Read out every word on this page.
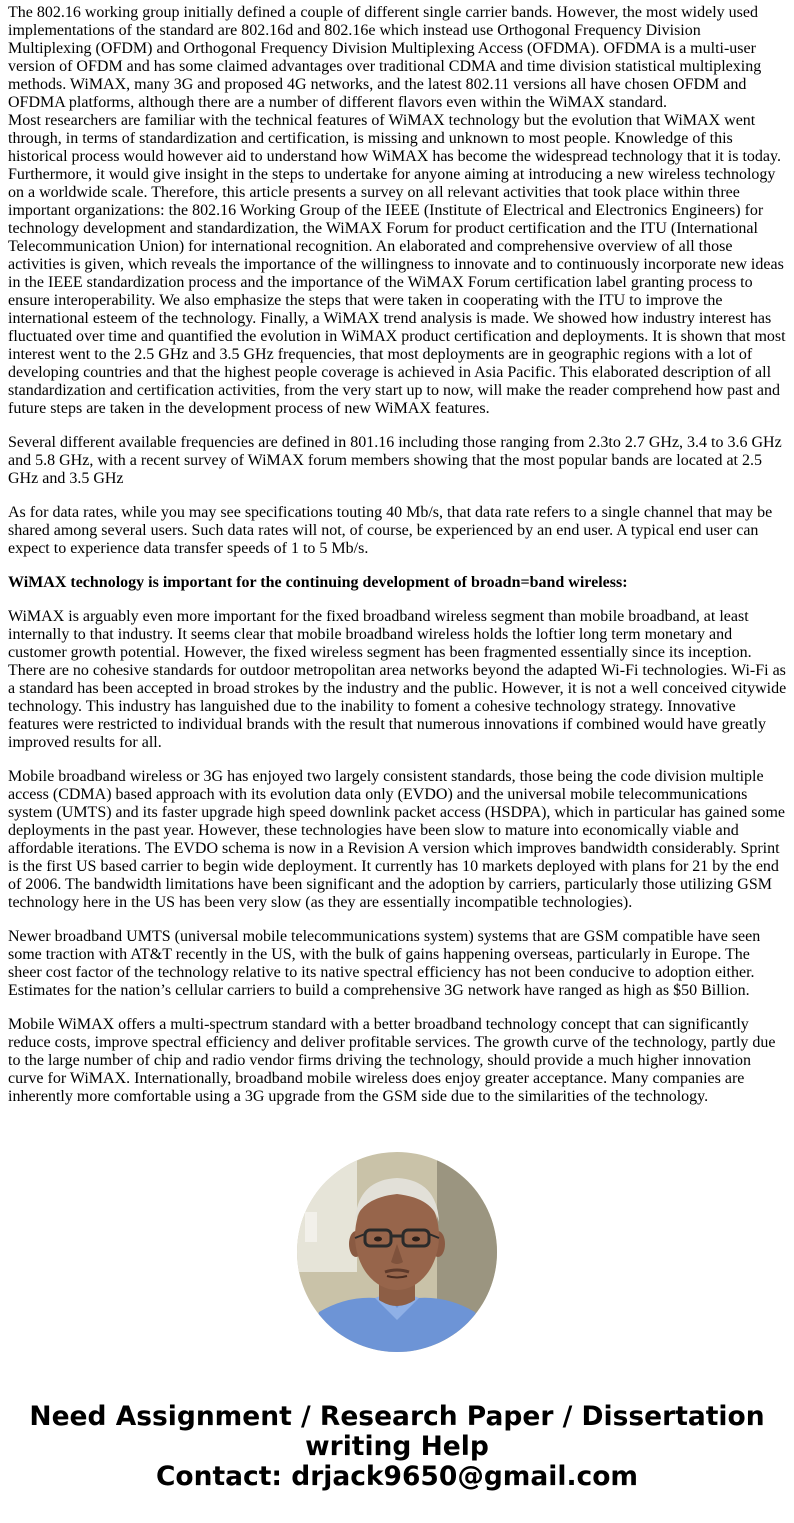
The 802.16 working group initially defined a couple of different single carrier bands. However, the most widely used implementations of the standard are 802.16d and 802.16e which instead use Orthogonal Frequency Division Multiplexing (OFDM) and Orthogonal Frequency Division Multiplexing Access (OFDMA). OFDMA is a multi-user version of OFDM and has some claimed advantages over traditional CDMA and time division statistical multiplexing methods. WiMAX, many 3G and proposed 4G networks, and the latest 802.11 versions all have chosen OFDM and OFDMA platforms, although there are a number of different flavors even within the WiMAX standard.

Most researchers are familiar with the technical features of WiMAX technology but the evolution that WiMAX went through, in terms of standardization and certification, is missing and unknown to most people. Knowledge of this historical process would however aid to understand how WiMAX has become the widespread technology that it is today. Furthermore, it would give insight in the steps to undertake for anyone aiming at introducing a new wireless technology on a worldwide scale. Therefore, this article presents a survey on all relevant activities that took place within three important organizations: the 802.16 Working Group of the IEEE (Institute of Electrical and Electronics Engineers) for technology development and standardization, the WiMAX Forum for product certification and the ITU (International Telecommunication Union) for international recognition. An elaborated and comprehensive overview of all those activities is given, which reveals the importance of the willingness to innovate and to continuously incorporate new ideas in the IEEE standardization process and the importance of the WiMAX Forum certification label granting process to ensure interoperability. We also emphasize the steps that were taken in cooperating with the ITU to improve the international esteem of the technology. Finally, a WiMAX trend analysis is made. We showed how industry interest has fluctuated over time and quantified the evolution in WiMAX product certification and deployments. It is shown that most interest went to the 2.5 GHz and 3.5 GHz frequencies, that most deployments are in geographic regions with a lot of developing countries and that the highest people coverage is achieved in Asia Pacific. This elaborated description of all standardization and certification activities, from the very start up to now, will make the reader comprehend how past and future steps are taken in the development process of new WiMAX features.

Several different available frequencies are defined in 801.16 including those ranging from 2.3to 2.7 GHz, 3.4 to 3.6 GHz and 5.8 GHz, with a recent survey of WiMAX forum members showing that the most popular bands are located at 2.5 GHz and 3.5 GHz

As for data rates, while you may see specifications touting 40 Mb/s, that data rate refers to a single channel that may be shared among several users. Such data rates will not, of course, be experienced by an end user. A typical end user can expect to experience data transfer speeds of 1 to 5 Mb/s.

WiMAX technology is important for the continuing development of broadn=band wireless:

WiMAX is arguably even more important for the fixed broadband wireless segment than mobile broadband, at least internally to that industry. It seems clear that mobile broadband wireless holds the loftier long term monetary and customer growth potential. However, the fixed wireless segment has been fragmented essentially since its inception. There are no cohesive standards for outdoor metropolitan area networks beyond the adapted Wi-Fi technologies. Wi-Fi as a standard has been accepted in broad strokes by the industry and the public. However, it is not a well conceived citywide technology. This industry has languished due to the inability to foment a cohesive technology strategy. Innovative features were restricted to individual brands with the result that numerous innovations if combined would have greatly improved results for all.

Mobile broadband wireless or 3G has enjoyed two largely consistent standards, those being the code division multiple access (CDMA) based approach with its evolution data only (EVDO) and the universal mobile telecommunications system (UMTS) and its faster upgrade high speed downlink packet access (HSDPA), which in particular has gained some deployments in the past year. However, these technologies have been slow to mature into economically viable and affordable iterations. The EVDO schema is now in a Revision A version which improves bandwidth considerably. Sprint is the first US based carrier to begin wide deployment. It currently has 10 markets deployed with plans for 21 by the end of 2006. The bandwidth limitations have been significant and the adoption by carriers, particularly those utilizing GSM technology here in the US has been very slow (as they are essentially incompatible technologies).

Newer broadband UMTS (universal mobile telecommunications system) systems that are GSM compatible have seen some traction with AT&T recently in the US, with the bulk of gains happening overseas, particularly in Europe. The sheer cost factor of the technology relative to its native spectral efficiency has not been conducive to adoption either. Estimates for the nation’s cellular carriers to build a comprehensive 3G network have ranged as high as $50 Billion.

Mobile WiMAX offers a multi-spectrum standard with a better broadband technology concept that can significantly reduce costs, improve spectral efficiency and deliver profitable services. The growth curve of the technology, partly due to the large number of chip and radio vendor firms driving the technology, should provide a much higher innovation curve for WiMAX. Internationally, broadband mobile wireless does enjoy greater acceptance. Many companies are inherently more comfortable using a 3G upgrade from the GSM side due to the similarities of the technology.

Need Assignment / Research Paper / Dissertation
writing Help
Contact: drjack9650@gmail.com
